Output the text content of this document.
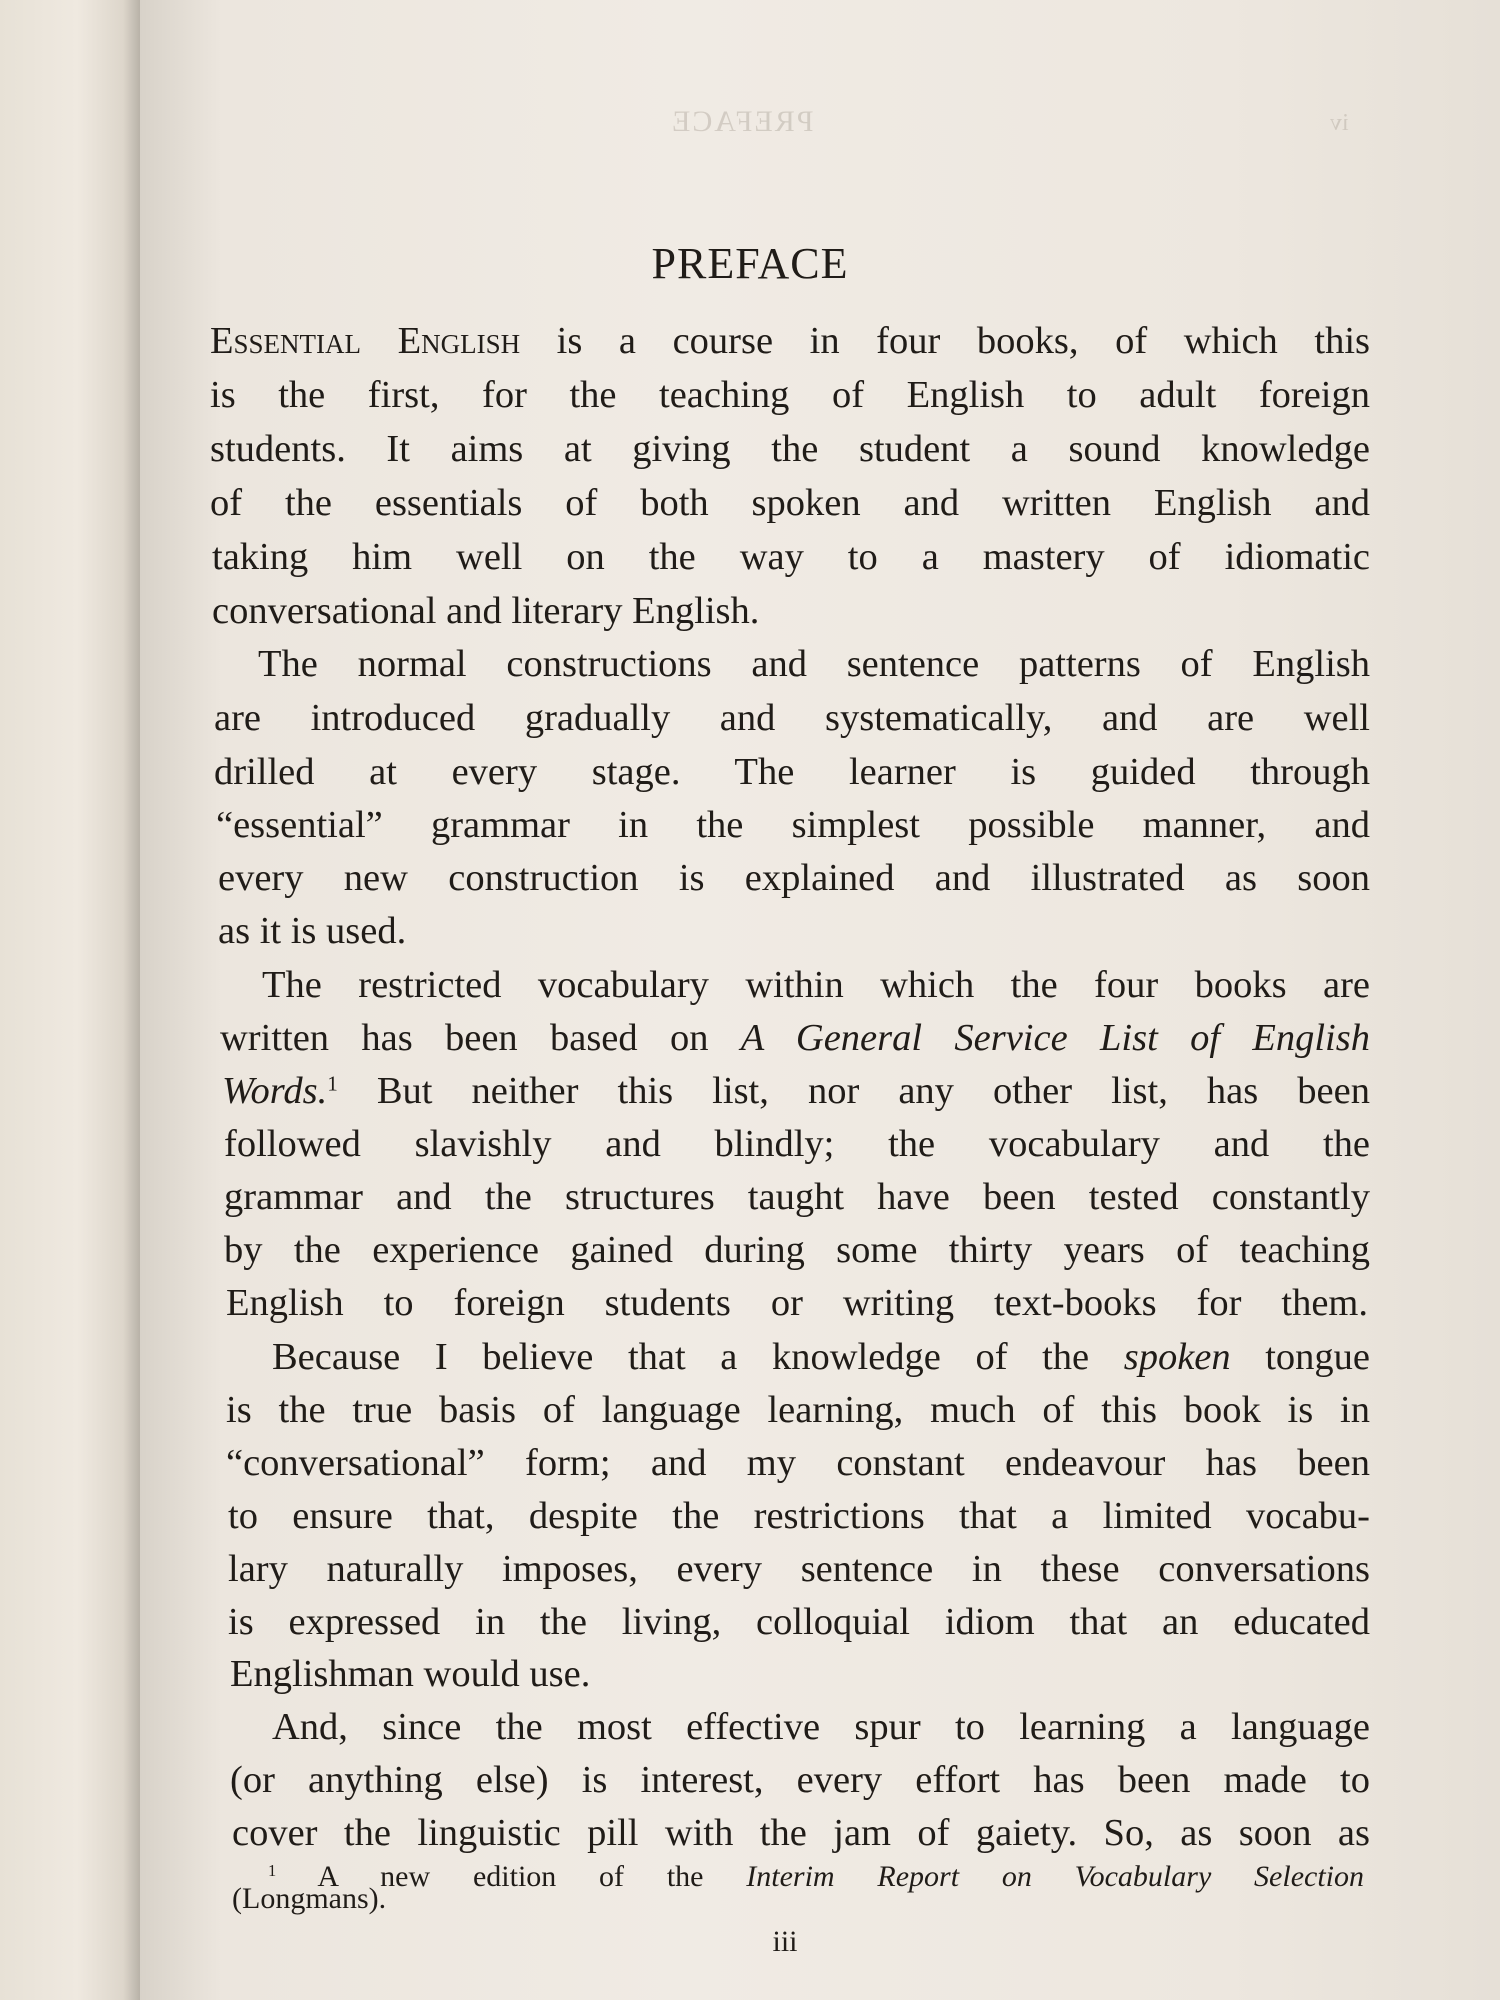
PREFACE	iv
PREFACE
Essential English is a course in four books, of which this
is the first, for the teaching of English to adult foreign
students. It aims at giving the student a sound knowledge
of the essentials of both spoken and written English and
taking him well on the way to a mastery of idiomatic
conversational and literary English.
The normal constructions and sentence patterns of English
are introduced gradually and systematically, and are well
drilled at every stage. The learner is guided through
“essential” grammar in the simplest possible manner, and
every new construction is explained and illustrated as soon
as it is used.
The restricted vocabulary within which the four books are
written has been based on A General Service List of English
Words.$^1$ But neither this list, nor any other list, has been
followed slavishly and blindly; the vocabulary and the
grammar and the structures taught have been tested constantly
by the experience gained during some thirty years of teaching
English to foreign students or writing text-books for them.
Because I believe that a knowledge of the spoken tongue
is the true basis of language learning, much of this book is in
“conversational” form; and my constant endeavour has been
to ensure that, despite the restrictions that a limited vocabu-
lary naturally imposes, every sentence in these conversations
is expressed in the living, colloquial idiom that an educated
Englishman would use.
And, since the most effective spur to learning a language
(or anything else) is interest, every effort has been made to
cover the linguistic pill with the jam of gaiety. So, as soon as
$^1$ A new edition of the Interim Report on Vocabulary Selection
(Longmans).
iii
